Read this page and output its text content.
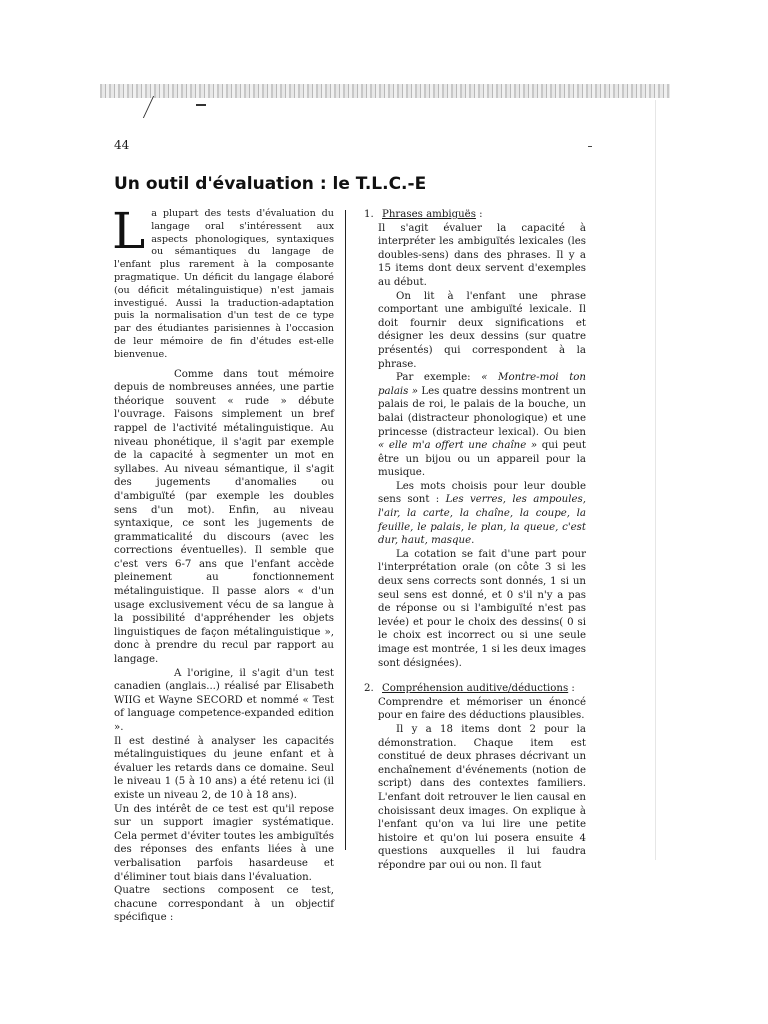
44
Un outil d'évaluation : le T.L.C.-E
L a plupart des tests d'évaluation du langage oral s'intéressent aux aspects phonologiques, syntaxiques ou sémantiques du langage de l'enfant plus rarement à la composante pragmatique. Un déficit du langage élaboré (ou déficit métalinguistique) n'est jamais investigué. Aussi la traduction-adaptation puis la normalisation d'un test de ce type par des étudiantes parisiennes à l'occasion de leur mémoire de fin d'études est-elle bienvenue.

Comme dans tout mémoire depuis de nombreuses années, une partie théorique souvent « rude » débute l'ouvrage. Faisons simplement un bref rappel de l'activité métalinguistique. Au niveau phonétique, il s'agit par exemple de la capacité à segmenter un mot en syllabes. Au niveau sémantique, il s'agit des jugements d'anomalies ou d'ambiguïté (par exemple les doubles sens d'un mot). Enfin, au niveau syntaxique, ce sont les jugements de grammaticalité du discours (avec les corrections éventuelles). Il semble que c'est vers 6-7 ans que l'enfant accède pleinement au fonctionnement métalinguistique. Il passe alors « d'un usage exclusivement vécu de sa langue à la possibilité d'appréhender les objets linguistiques de façon métalinguistique », donc à prendre du recul par rapport au langage.

A l'origine, il s'agit d'un test canadien (anglais...) réalisé par Elisabeth WIIG et Wayne SECORD et nommé « Test of language competence-expanded edition ».

Il est destiné à analyser les capacités métalinguistiques du jeune enfant et à évaluer les retards dans ce domaine. Seul le niveau 1 (5 à 10 ans) a été retenu ici (il existe un niveau 2, de 10 à 18 ans).

Un des intérêt de ce test est qu'il repose sur un support imagier systématique. Cela permet d'éviter toutes les ambiguïtés des réponses des enfants liées à une verbalisation parfois hasardeuse et d'éliminer tout biais dans l'évaluation.

Quatre sections composent ce test, chacune correspondant à un objectif spécifique :

1. Phrases ambiguës :

Il s'agit évaluer la capacité à interpréter les ambiguïtés lexicales (les doubles-sens) dans des phrases. Il y a 15 items dont deux servent d'exemples au début.

On lit à l'enfant une phrase comportant une ambiguïté lexicale. Il doit fournir deux significations et désigner les deux dessins (sur quatre présentés) qui correspondent à la phrase.

Par exemple: « Montre-moi ton palais » Les quatre dessins montrent un palais de roi, le palais de la bouche, un balai (distracteur phonologique) et une princesse (distracteur lexical). Ou bien « elle m'a offert une chaîne » qui peut être un bijou ou un appareil pour la musique.

Les mots choisis pour leur double sens sont : Les verres, les ampoules, l'air, la carte, la chaîne, la coupe, la feuille, le palais, le plan, la queue, c'est dur, haut, masque.

La cotation se fait d'une part pour l'interprétation orale (on côte 3 si les deux sens corrects sont donnés, 1 si un seul sens est donné, et 0 s'il n'y a pas de réponse ou si l'ambiguïté n'est pas levée) et pour le choix des dessins( 0 si le choix est incorrect ou si une seule image est montrée, 1 si les deux images sont désignées).

2. Compréhension auditive/déductions :

Comprendre et mémoriser un énoncé pour en faire des déductions plausibles.

Il y a 18 items dont 2 pour la démonstration. Chaque item est constitué de deux phrases décrivant un enchaînement d'événements (notion de script) dans des contextes familiers. L'enfant doit retrouver le lien causal en choisissant deux images. On explique à l'enfant qu'on va lui lire une petite histoire et qu'on lui posera ensuite 4 questions auxquelles il lui faudra répondre par oui ou non. Il faut
